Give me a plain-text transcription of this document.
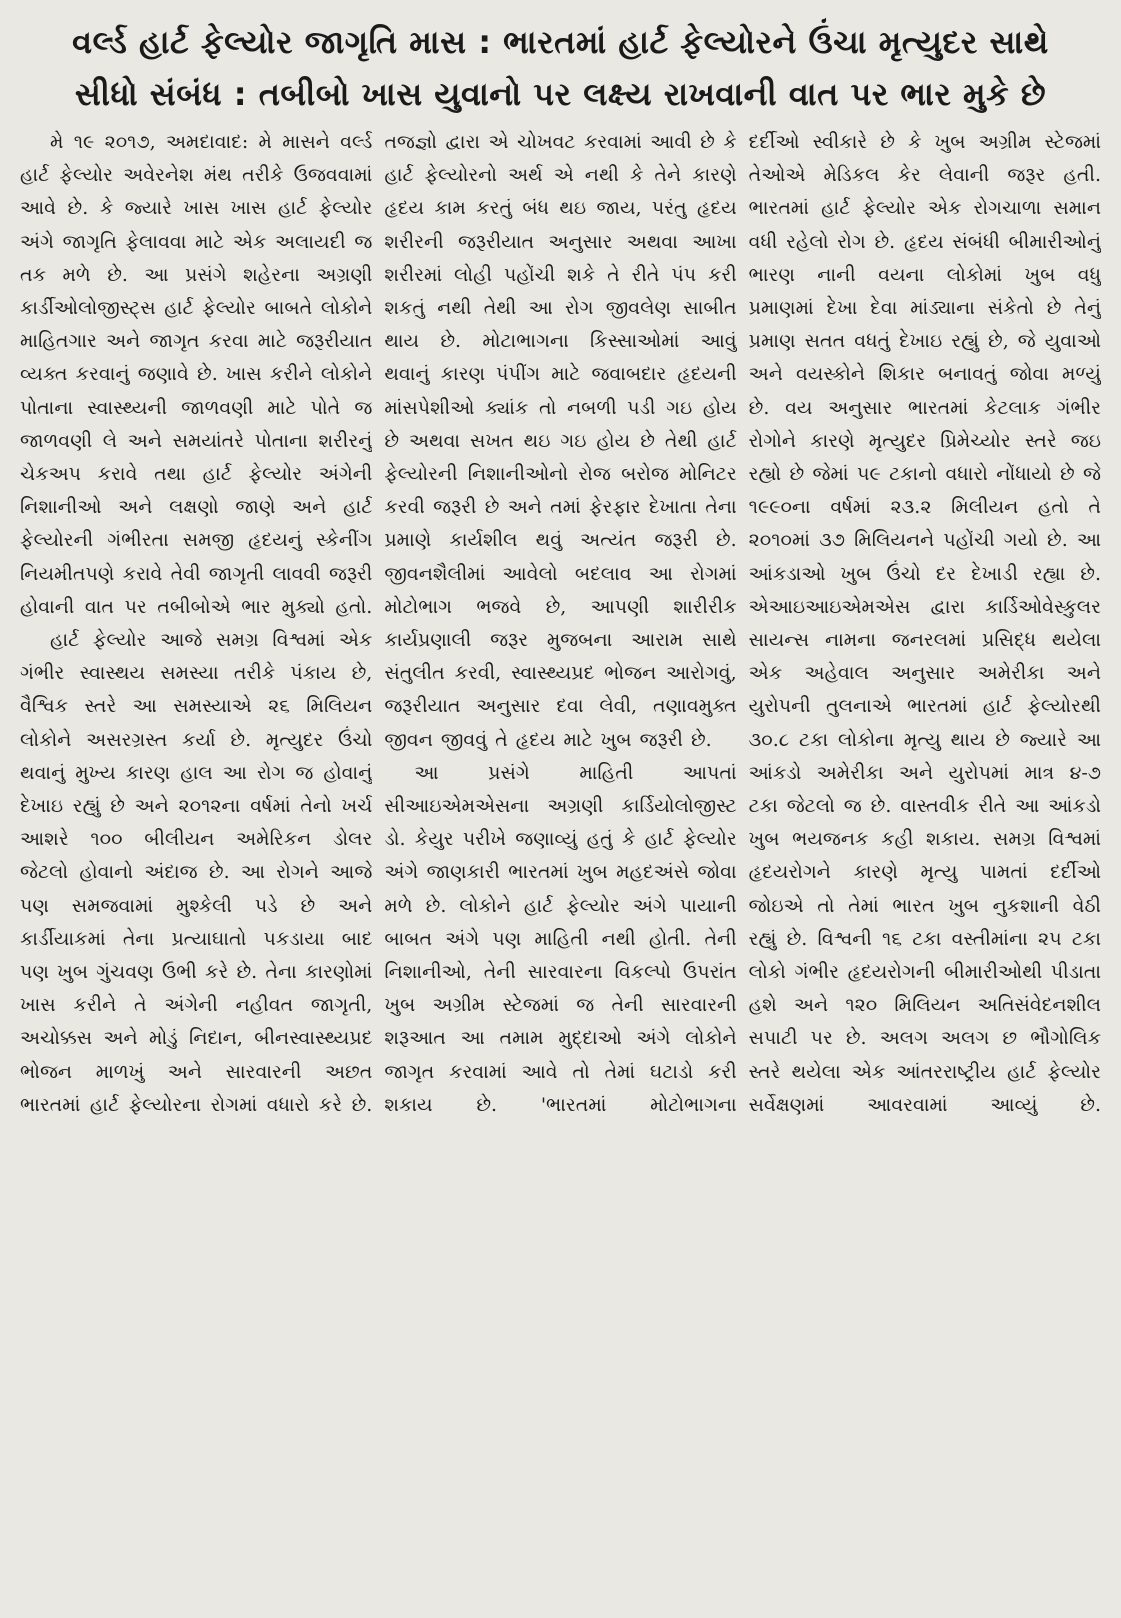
વર્લ્ડ હાર્ટ ફેલ્યોર જાગૃતિ માસ : ભારતમાં હાર્ટ ફેલ્યોરને ઉંચા મૃત્યુદર સાથે
સીધો સંબંધ : તબીબો ખાસ યુવાનો પર લક્ષ્ય રાખવાની વાત પર ભાર મુકે છે

મે ૧૯ ૨૦૧૭, અમદાવાદ: મે માસને વર્લ્ડ હાર્ટ ફેલ્યોર અવેરનેશ મંથ તરીકે ઉજવવામાં આવે છે. કે જ્યારે ખાસ ખાસ હાર્ટ ફેલ્યોર અંગે જાગૃતિ ફેલાવવા માટે એક અલાયદી જ તક મળે છે. આ પ્રસંગે શહેરના અગ્રણી કાર્ડીઓલોજીસ્ટ્સ હાર્ટ ફેલ્યોર બાબતે લોકોને માહિતગાર અને જાગૃત કરવા માટે જરૂરીયાત વ્યક્ત કરવાનું જણાવે છે. ખાસ કરીને લોકોને પોતાના સ્વાસ્થ્યની જાળવણી માટે પોતે જ જાળવણી લે અને સમયાંતરે પોતાના શરીરનું ચેકઅપ કરાવે તથા હાર્ટ ફેલ્યોર અંગેની નિશાનીઓ અને લક્ષણો જાણે અને હાર્ટ ફેલ્યોરની ગંભીરતા સમજી હૃદયનું સ્કેનીંગ નિયમીતપણે કરાવે તેવી જાગૃતી લાવવી જરૂરી હોવાની વાત પર તબીબોએ ભાર મુક્યો હતો.

હાર્ટ ફેલ્યોર આજે સમગ્ર વિશ્વમાં એક ગંભીર સ્વાસ્થય સમસ્યા તરીકે પંકાય છે, વૈશ્વિક સ્તરે આ સમસ્યાએ ૨૬ મિલિયન લોકોને અસરગ્રસ્ત કર્યા છે. મૃત્યુદર ઉંચો થવાનું મુખ્ય કારણ હાલ આ રોગ જ હોવાનું દેખાઇ રહ્યું છે અને ૨૦૧૨ના વર્ષમાં તેનો ખર્ચ આશરે ૧૦૦ બીલીયન અમેરિકન ડોલર જેટલો હોવાનો અંદાજ છે. આ રોગને આજે પણ સમજવામાં મુશ્કેલી પડે છે અને કાર્ડીયાકમાં તેના પ્રત્યાઘાતો પકડાયા બાદ પણ ખુબ ગુંચવણ ઉભી કરે છે. તેના કારણોમાં ખાસ કરીને તે અંગેની નહીવત જાગૃતી, અચોક્કસ અને મોડું નિદાન, બીનસ્વાસ્થ્યપ્રદ ભોજન માળખું અને સારવારની અછત ભારતમાં હાર્ટ ફેલ્યોરના રોગમાં વધારો કરે છે.

તજજ્ઞો દ્વારા એ ચોખવટ કરવામાં આવી છે કે હાર્ટ ફેલ્યોરનો અર્થ એ નથી કે તેને કારણે હૃદય કામ કરતું બંધ થઇ જાય, પરંતુ હૃદય શરીરની જરૂરીયાત અનુસાર અથવા આખા શરીરમાં લોહી પહોંચી શકે તે રીતે પંપ કરી શકતું નથી તેથી આ રોગ જીવલેણ સાબીત થાય છે. મોટાભાગના કિસ્સાઓમાં આવું થવાનું કારણ પંપીંગ માટે જવાબદાર હૃદયની માંસપેશીઓ ક્યાંક તો નબળી પડી ગઇ હોય છે અથવા સખત થઇ ગઇ હોય છે તેથી હાર્ટ ફેલ્યોરની નિશાનીઓનો રોજ બરોજ મોનિટર કરવી જરૂરી છે અને તમાં ફેરફાર દેખાતા તેના પ્રમાણે કાર્યશીલ થવું અત્યંત જરૂરી છે. જીવનશૈલીમાં આવેલો બદલાવ આ રોગમાં મોટોભાગ ભજવે છે, આપણી શારીરીક કાર્યપ્રણાલી જરૂર મુજબના આરામ સાથે સંતુલીત કરવી, સ્વાસ્થ્યપ્રદ ભોજન આરોગવું, જરૂરીયાત અનુસાર દવા લેવી, તણાવમુક્ત જીવન જીવવું તે હૃદય માટે ખુબ જરૂરી છે.

આ પ્રસંગે માહિતી આપતાં સીઆઇએમએસના અગ્રણી કાર્ડિયોલોજીસ્ટ ડો. કેયુર પરીખે જણાવ્યું હતું કે હાર્ટ ફેલ્યોર અંગે જાણકારી ભારતમાં ખુબ મહદઅંસે જોવા મળે છે. લોકોને હાર્ટ ફેલ્યોર અંગે પાયાની બાબત અંગે પણ માહિતી નથી હોતી. તેની નિશાનીઓ, તેની સારવારના વિકલ્પો ઉપરાંત ખુબ અગ્રીમ સ્ટેજમાં જ તેની સારવારની શરૂઆત આ તમામ મુદ્દાઓ અંગે લોકોને જાગૃત કરવામાં આવે તો તેમાં ઘટાડો કરી શકાય છે. 'ભારતમાં મોટોભાગના

દર્દીઓ સ્વીકારે છે કે ખુબ અગ્રીમ સ્ટેજમાં તેઓએ મેડિકલ કેર લેવાની જરૂર હતી. ભારતમાં હાર્ટ ફેલ્યોર એક રોગચાળા સમાન વધી રહેલો રોગ છે. હૃદય સંબંધી બીમારીઓનું ભારણ નાની વયના લોકોમાં ખુબ વધુ પ્રમાણમાં દેખા દેવા માંડ્યાના સંકેતો છે તેનું પ્રમાણ સતત વધતું દેખાઇ રહ્યું છે, જે યુવાઓ અને વયસ્કોને શિકાર બનાવતું જોવા મળ્યું છે. વય અનુસાર ભારતમાં કેટલાક ગંભીર રોગોને કારણે મૃત્યુદર પ્રિમેચ્યોર સ્તરે જઇ રહ્યો છે જેમાં ૫૯ ટકાનો વધારો નોંધાયો છે જે ૧૯૯૦ના વર્ષમાં ૨૩.૨ મિલીયન હતો તે ૨૦૧૦માં ૩૭ મિલિયનને પહોંચી ગયો છે. આ આંકડાઓ ખુબ ઉંચો દર દેખાડી રહ્યા છે. એઆઇઆઇએમએસ દ્વારા કાર્ડિઓવેસ્કુલર સાયન્સ નામના જનરલમાં પ્રસિદ્ધ થયેલા એક અહેવાલ અનુસાર અમેરીકા અને યુરોપની તુલનાએ ભારતમાં હાર્ટ ફેલ્યોરથી ૩૦.૮ ટકા લોકોના મૃત્યુ થાય છે જ્યારે આ આંકડો અમેરીકા અને યુરોપમાં માત્ર ૪-૭ ટકા જેટલો જ છે. વાસ્તવીક રીતે આ આંકડો ખુબ ભયજનક કહી શકાય. સમગ્ર વિશ્વમાં હૃદયરોગને કારણે મૃત્યુ પામતાં દર્દીઓ જોઇએ તો તેમાં ભારત ખુબ નુકશાની વેઠી રહ્યું છે. વિશ્વની ૧૬ ટકા વસ્તીમાંના ૨૫ ટકા લોકો ગંભીર હૃદયરોગની બીમારીઓથી પીડાતા હશે અને ૧૨૦ મિલિયન અતિસંવેદનશીલ સપાટી પર છે. અલગ અલગ છ ભૌગોલિક સ્તરે થયેલા એક આંતરરાષ્ટ્રીય હાર્ટ ફેલ્યોર સર્વેક્ષણમાં આવરવામાં આવ્યું છે.
